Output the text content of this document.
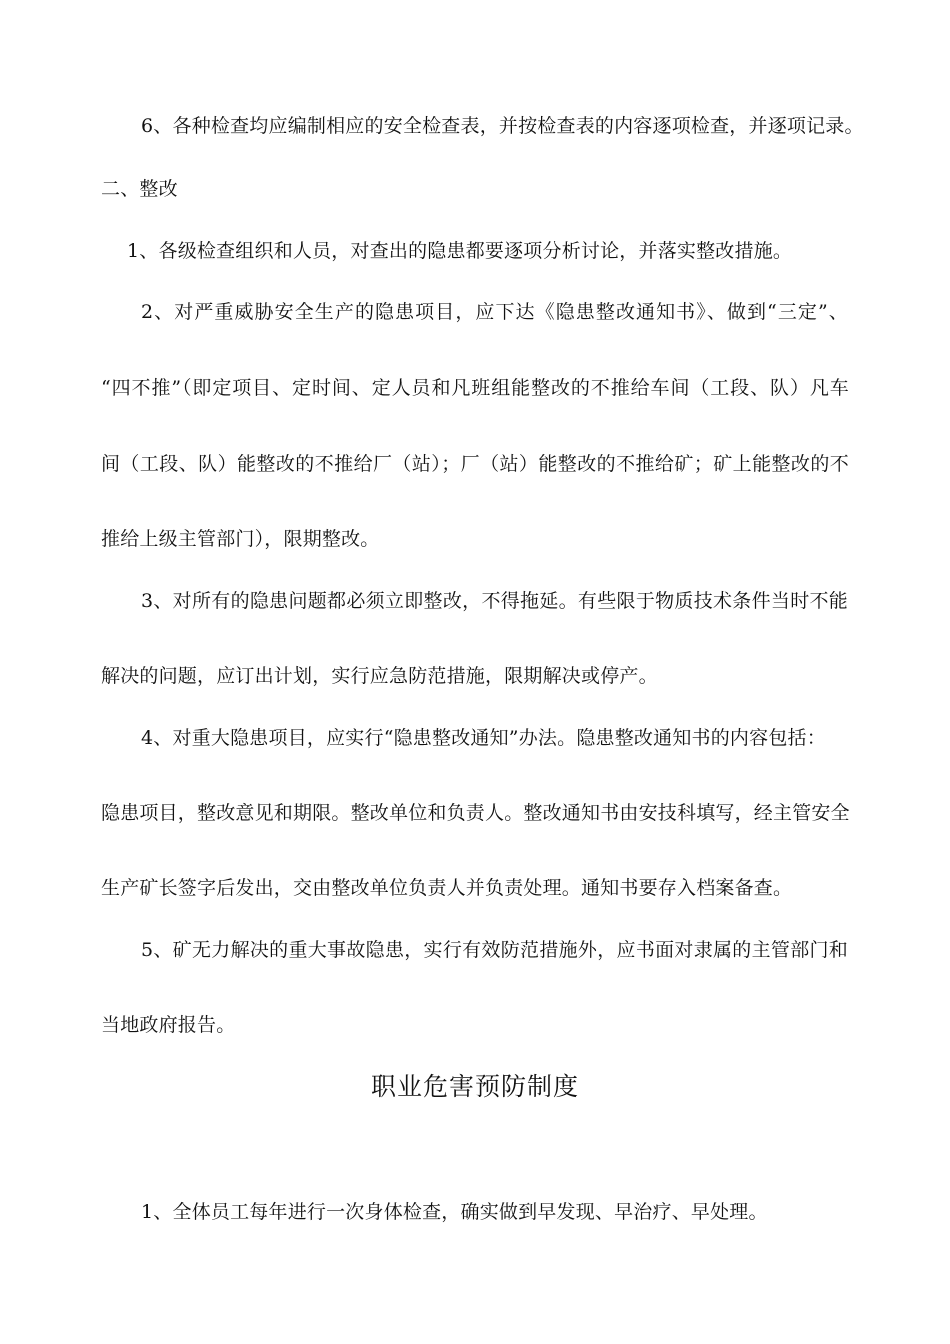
6、各种检查均应编制相应的安全检查表，并按检查表的内容逐项检查，并逐项记录。
二、整改
1、各级检查组织和人员，对查出的隐患都要逐项分析讨论，并落实整改措施。
2、对严重威胁安全生产的隐患项目，应下达《隐患整改通知书》、做到“三定”、
“四不推”（即定项目、定时间、定人员和凡班组能整改的不推给车间（工段、队）凡车
间（工段、队）能整改的不推给厂（站）；厂（站）能整改的不推给矿；矿上能整改的不
推给上级主管部门），限期整改。
3、对所有的隐患问题都必须立即整改，不得拖延。有些限于物质技术条件当时不能
解决的问题，应订出计划，实行应急防范措施，限期解决或停产。
4、对重大隐患项目，应实行“隐患整改通知”办法。隐患整改通知书的内容包括：
隐患项目，整改意见和期限。整改单位和负责人。整改通知书由安技科填写，经主管安全
生产矿长签字后发出，交由整改单位负责人并负责处理。通知书要存入档案备查。
5、矿无力解决的重大事故隐患，实行有效防范措施外，应书面对隶属的主管部门和
当地政府报告。
职业危害预防制度
1、全体员工每年进行一次身体检查，确实做到早发现、早治疗、早处理。
